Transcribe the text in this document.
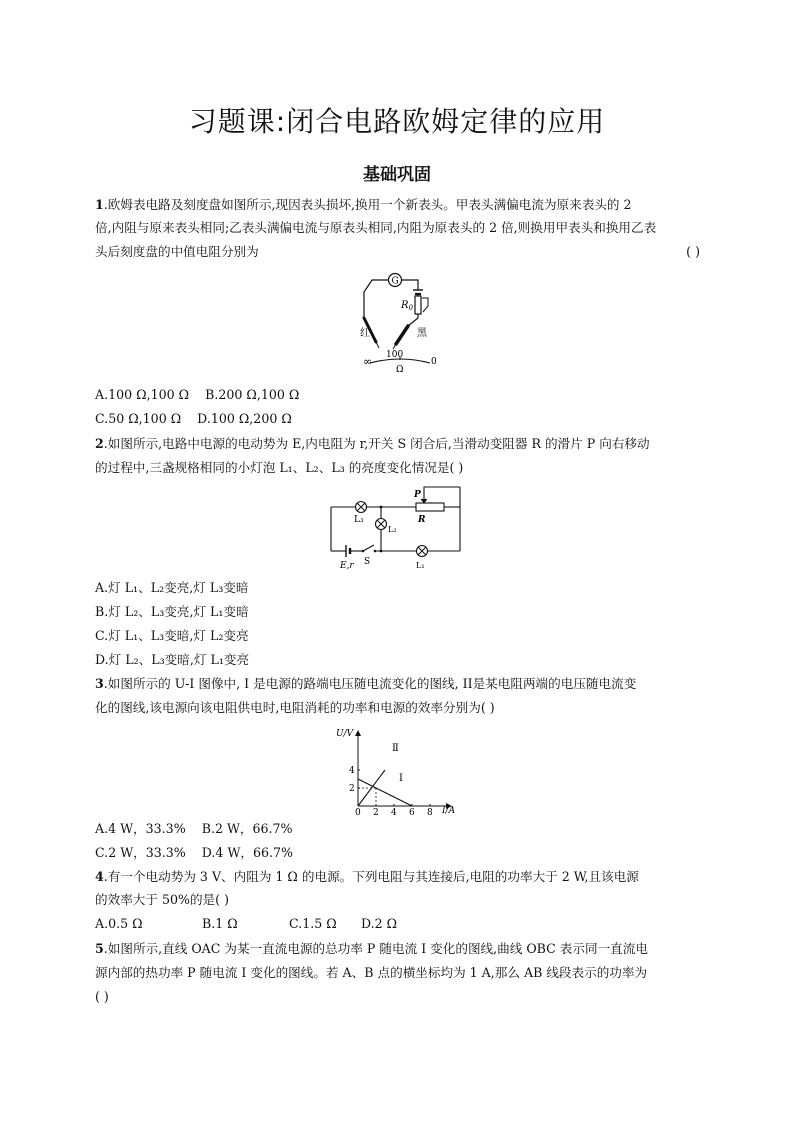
习题课:闭合电路欧姆定律的应用
基础巩固
1.欧姆表电路及刻度盘如图所示,现因表头损坏,换用一个新表头。甲表头满偏电流为原来表头的 2
倍,内阻与原来表头相同;乙表头满偏电流与原表头相同,内阻为原表头的 2 倍,则换用甲表头和换用乙表
头后刻度盘的中值电阻分别为	( )
G
$R_0$
红	黑
100
∞	0
Ω
A.100 Ω,100 Ω B.200 Ω,100 Ω
C.50 Ω,100 Ω D.100 Ω,200 Ω
2.如图所示,电路中电源的电动势为 E,内电阻为 r,开关 S 闭合后,当滑动变阻器 R 的滑片 P 向右移动
的过程中,三盏规格相同的小灯泡 L₁、L₂、L₃ 的亮度变化情况是( )
P
R
L₃
L₂
L₁
E,r S
A.灯 L₁、L₂变亮,灯 L₃变暗
B.灯 L₂、L₃变亮,灯 L₁变暗
C.灯 L₁、L₃变暗,灯 L₂变亮
D.灯 L₂、L₃变暗,灯 L₁变亮
3.如图所示的 U-I 图像中, I 是电源的路端电压随电流变化的图线, II是某电阻两端的电压随电流变
化的图线,该电源向该电阻供电时,电阻消耗的功率和电源的效率分别为( )
U/V
I/A
Ⅰ
Ⅱ
0 2 4 6 8
2
4
A.4 W，33.3% B.2 W，66.7%
C.2 W，33.3% D.4 W，66.7%
4.有一个电动势为 3 V、内阻为 1 Ω 的电源。下列电阻与其连接后,电阻的功率大于 2 W,且该电源
的效率大于 50%的是( )
A.0.5 Ω	B.1 Ω	C.1.5 Ω D.2 Ω
5.如图所示,直线 OAC 为某一直流电源的总功率 P 随电流 I 变化的图线,曲线 OBC 表示同一直流电
源内部的热功率 P 随电流 I 变化的图线。若 A、B 点的横坐标均为 1 A,那么 AB 线段表示的功率为
( )
